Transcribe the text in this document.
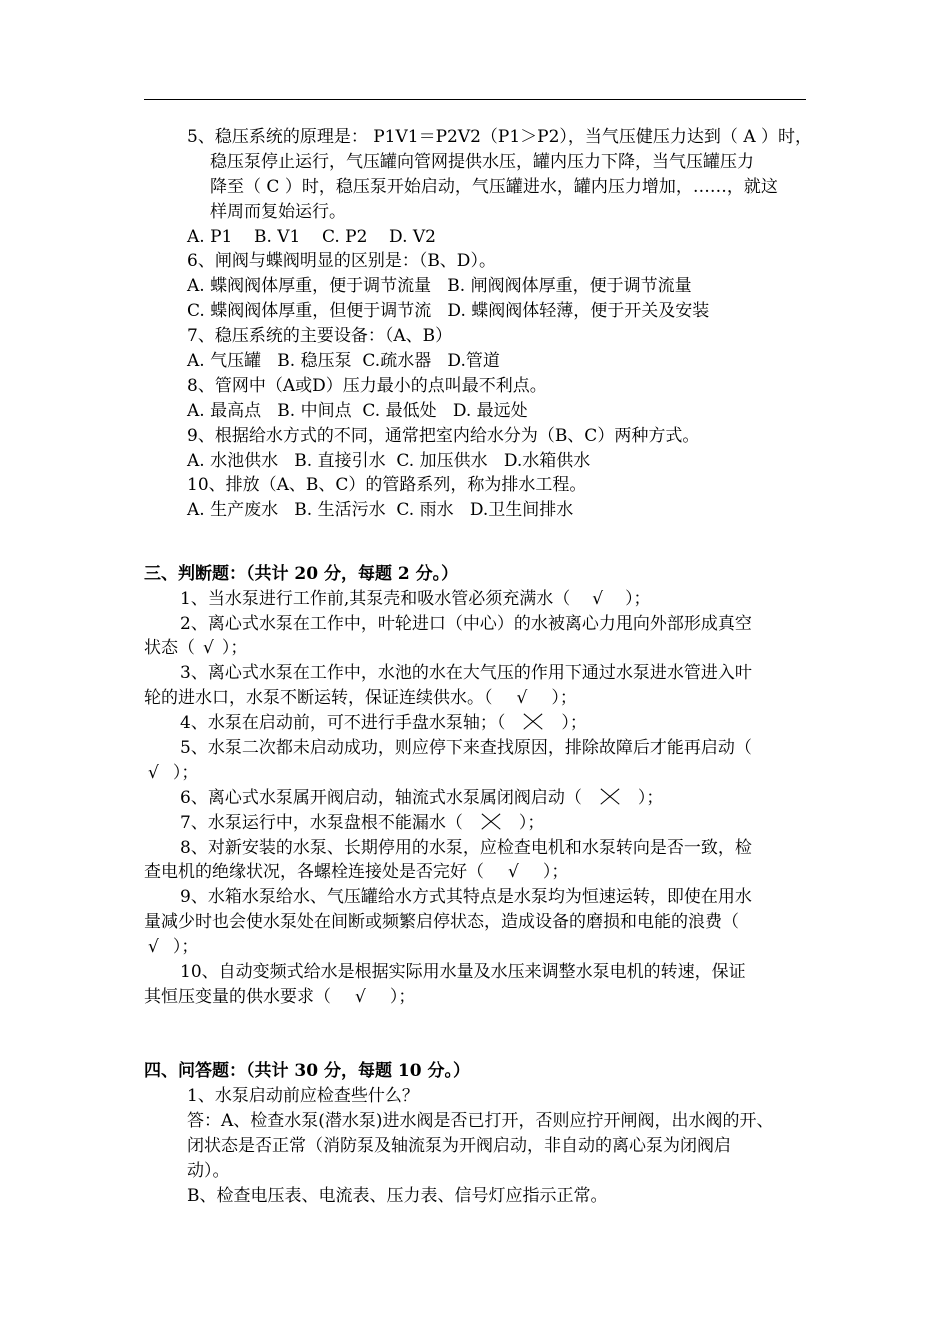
5、稳压系统的原理是： P1V1＝P2V2（P1＞P2），当气压健压力达到（ A ）时，
稳压泵停止运行，气压罐向管网提供水压，罐内压力下降，当气压罐压力
降至（ C ）时，稳压泵开始启动，气压罐进水，罐内压力增加，……，就这
样周而复始运行。
A. P1    B. V1    C. P2    D. V2
6、闸阀与蝶阀明显的区别是：（B、D）。
A. 蝶阀阀体厚重，便于调节流量   B. 闸阀阀体厚重，便于调节流量
C. 蝶阀阀体厚重，但便于调节流   D. 蝶阀阀体轻薄，便于开关及安装
7、稳压系统的主要设备：（A、B）
A. 气压罐   B. 稳压泵  C.疏水器   D.管道
8、管网中（A或D）压力最小的点叫最不利点。
A. 最高点   B. 中间点  C. 最低处   D. 最远处
9、根据给水方式的不同，通常把室内给水分为（B、C）两种方式。
A. 水池供水   B. 直接引水  C. 加压供水   D.水箱供水
10、排放（A、B、C）的管路系列，称为排水工程。
A. 生产废水   B. 生活污水  C. 雨水   D.卫生间排水
三、判断题：（共计 20 分，每题 2 分。）
1、当水泵进行工作前,其泵壳和吸水管必须充满水（ √ ）；
2、离心式水泵在工作中，叶轮进口（中心）的水被离心力甩向外部形成真空
状态（ √ ）；
3、离心式水泵在工作中，水池的水在大气压的作用下通过水泵进水管进入叶
轮的进水口，水泵不断运转，保证连续供水。（ √ ）；
4、水泵在启动前，可不进行手盘水泵轴；（	）；
5、水泵二次都未启动成功，则应停下来查找原因，排除故障后才能再启动（
√ ）；
6、离心式水泵属开阀启动，轴流式水泵属闭阀启动（	）；
7、水泵运行中，水泵盘根不能漏水（	）；
8、对新安装的水泵、长期停用的水泵，应检查电机和水泵转向是否一致，检
查电机的绝缘状况，各螺栓连接处是否完好（ √ ）；
9、水箱水泵给水、气压罐给水方式其特点是水泵均为恒速运转，即使在用水
量减少时也会使水泵处在间断或频繁启停状态，造成设备的磨损和电能的浪费（
√ ）；
10、自动变频式给水是根据实际用水量及水压来调整水泵电机的转速，保证
其恒压变量的供水要求（ √ ）；
四、问答题：（共计 30 分，每题 10 分。）
1、水泵启动前应检查些什么？
答：A、检查水泵(潜水泵)进水阀是否已打开，否则应拧开闸阀，出水阀的开、
闭状态是否正常（消防泵及轴流泵为开阀启动，非自动的离心泵为闭阀启
动）。
B、检查电压表、电流表、压力表、信号灯应指示正常。
